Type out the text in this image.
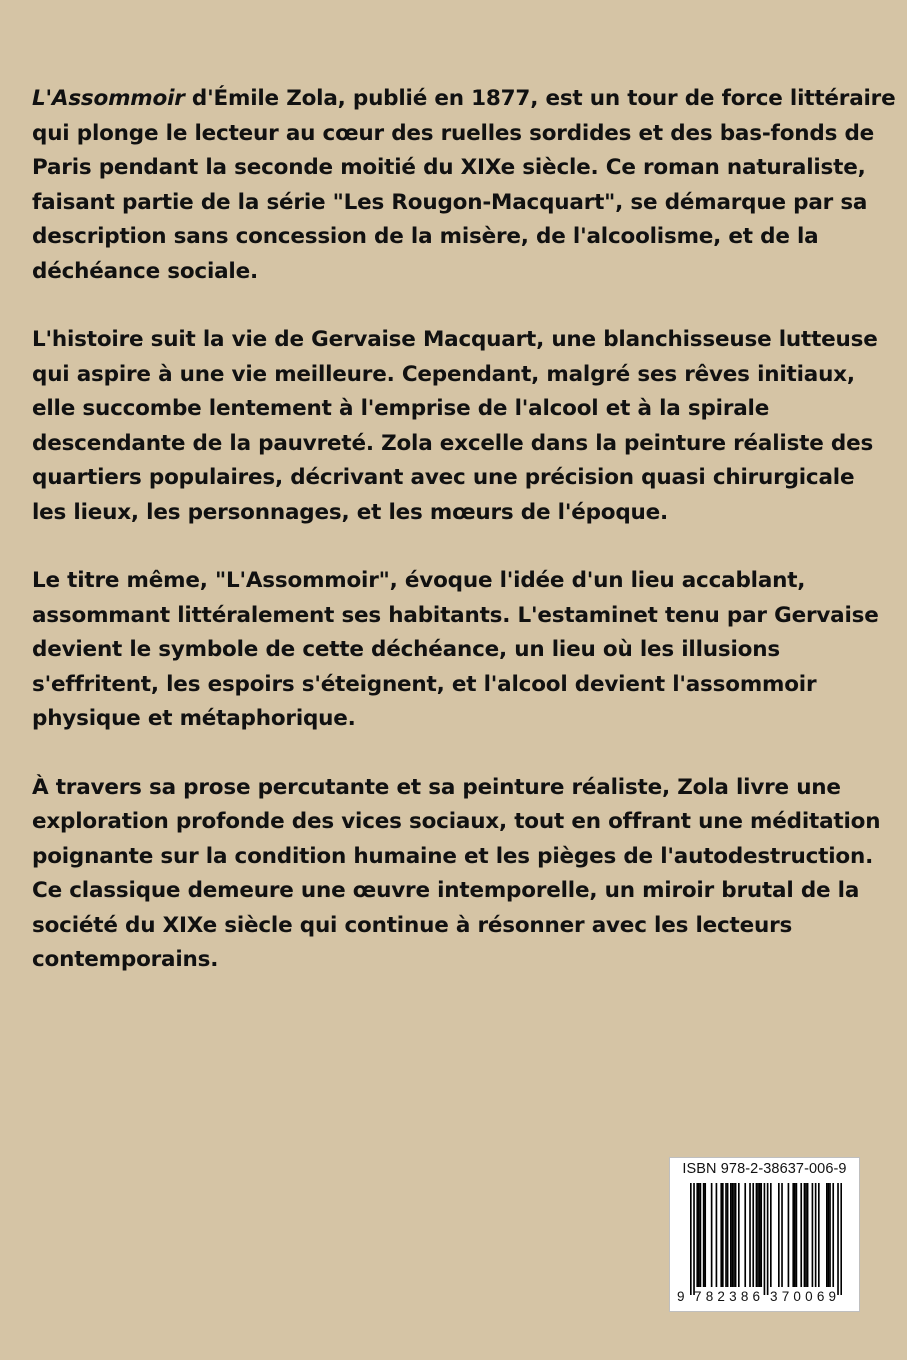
L'Assommoir d'Émile Zola, publié en 1877, est un tour de force littéraire
qui plonge le lecteur au cœur des ruelles sordides et des bas-fonds de
Paris pendant la seconde moitié du XIXe siècle. Ce roman naturaliste,
faisant partie de la série "Les Rougon-Macquart", se démarque par sa
description sans concession de la misère, de l'alcoolisme, et de la
déchéance sociale.

L'histoire suit la vie de Gervaise Macquart, une blanchisseuse lutteuse
qui aspire à une vie meilleure. Cependant, malgré ses rêves initiaux,
elle succombe lentement à l'emprise de l'alcool et à la spirale
descendante de la pauvreté. Zola excelle dans la peinture réaliste des
quartiers populaires, décrivant avec une précision quasi chirurgicale
les lieux, les personnages, et les mœurs de l'époque.

Le titre même, "L'Assommoir", évoque l'idée d'un lieu accablant,
assommant littéralement ses habitants. L'estaminet tenu par Gervaise
devient le symbole de cette déchéance, un lieu où les illusions
s'effritent, les espoirs s'éteignent, et l'alcool devient l'assommoir
physique et métaphorique.

À travers sa prose percutante et sa peinture réaliste, Zola livre une
exploration profonde des vices sociaux, tout en offrant une méditation
poignante sur la condition humaine et les pièges de l'autodestruction.
Ce classique demeure une œuvre intemporelle, un miroir brutal de la
société du XIXe siècle qui continue à résonner avec les lecteurs
contemporains.

ISBN 978-2-38637-006-9
9 782386 370069
